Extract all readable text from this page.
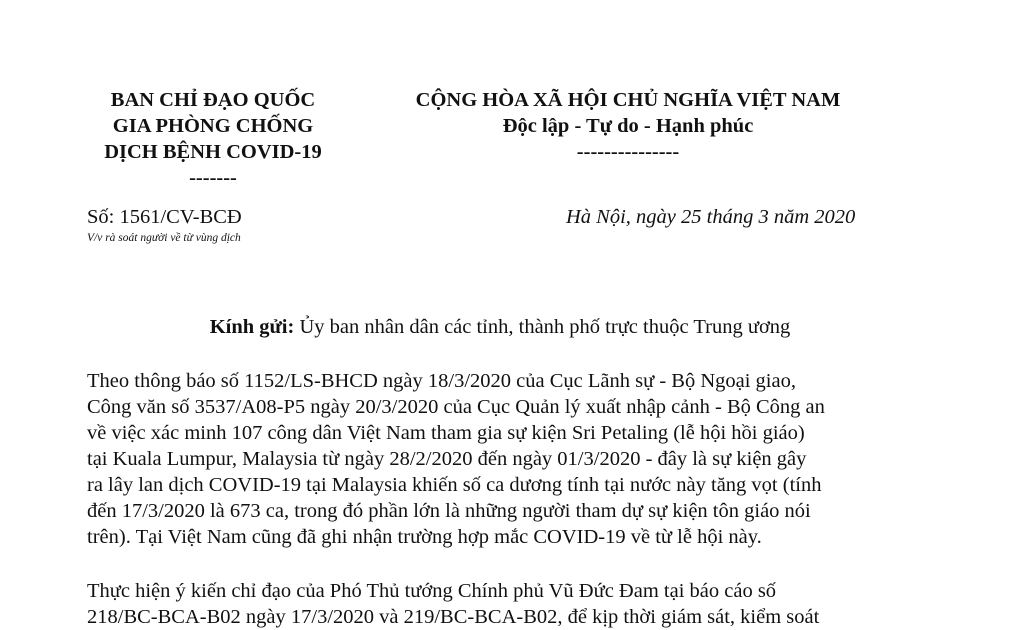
BAN CHỈ ĐẠO QUỐC
GIA PHÒNG CHỐNG
DỊCH BỆNH COVID-19
-------
CỘNG HÒA XÃ HỘI CHỦ NGHĨA VIỆT NAM
Độc lập - Tự do - Hạnh phúc
---------------
Số: 1561/CV-BCĐ
V/v rà soát người về từ vùng dịch
Hà Nội, ngày 25 tháng 3 năm 2020
Kính gửi: Ủy ban nhân dân các tỉnh, thành phố trực thuộc Trung ương
Theo thông báo số 1152/LS-BHCD ngày 18/3/2020 của Cục Lãnh sự - Bộ Ngoại giao,
Công văn số 3537/A08-P5 ngày 20/3/2020 của Cục Quản lý xuất nhập cảnh - Bộ Công an
về việc xác minh 107 công dân Việt Nam tham gia sự kiện Sri Petaling (lễ hội hồi giáo)
tại Kuala Lumpur, Malaysia từ ngày 28/2/2020 đến ngày 01/3/2020 - đây là sự kiện gây
ra lây lan dịch COVID-19 tại Malaysia khiến số ca dương tính tại nước này tăng vọt (tính
đến 17/3/2020 là 673 ca, trong đó phần lớn là những người tham dự sự kiện tôn giáo nói
trên). Tại Việt Nam cũng đã ghi nhận trường hợp mắc COVID-19 về từ lễ hội này.
Thực hiện ý kiến chỉ đạo của Phó Thủ tướng Chính phủ Vũ Đức Đam tại báo cáo số
218/BC-BCA-B02 ngày 17/3/2020 và 219/BC-BCA-B02, để kịp thời giám sát, kiểm soát
